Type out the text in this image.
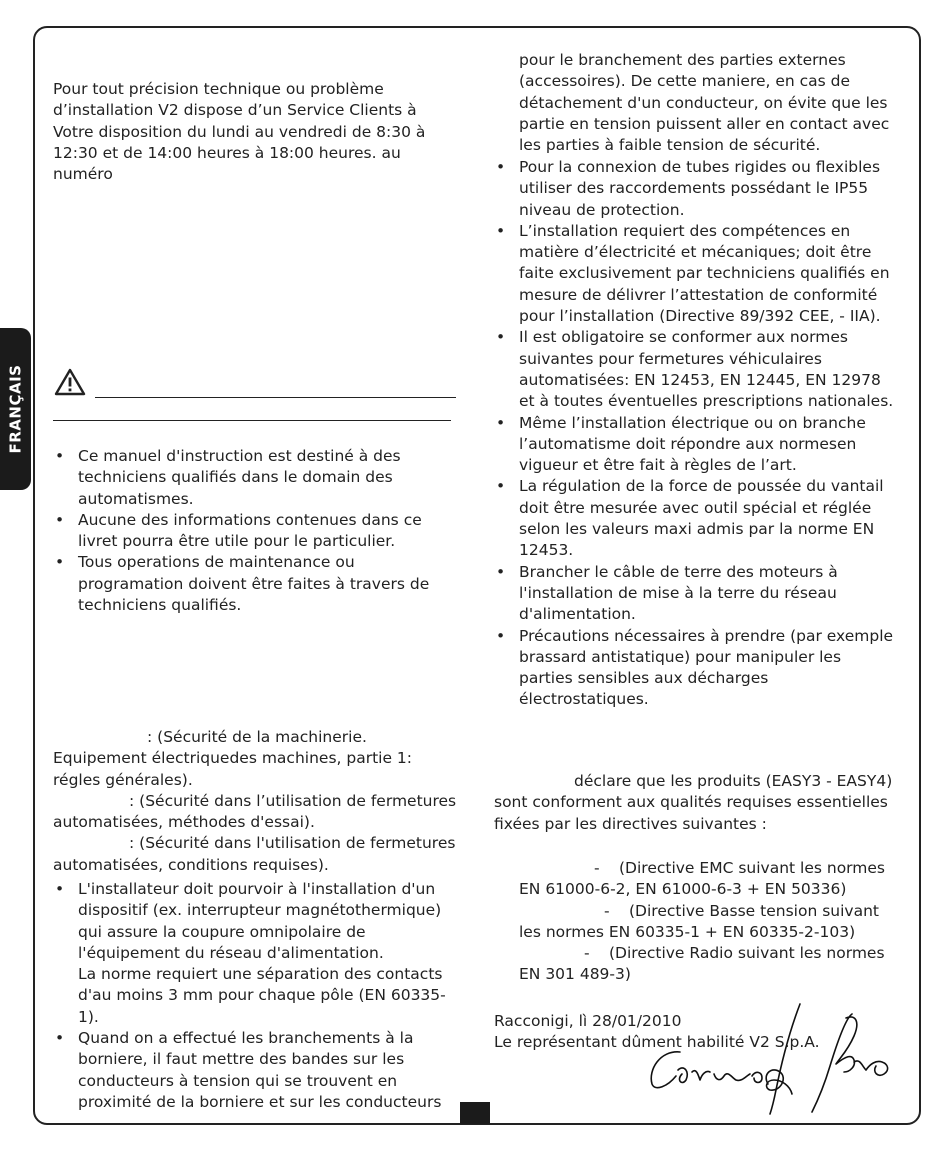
FRANÇAIS

Pour tout précision technique ou problème d’installation V2 dispose d’un Service Clients à Votre disposition du lundi au vendredi de 8:30 à 12:30 et de 14:00 heures à 18:00 heures. au numéro

• Ce manuel d'instruction est destiné à des techniciens qualifiés dans le domain des automatismes.
• Aucune des informations contenues dans ce livret pourra être utile pour le particulier.
• Tous operations de maintenance ou programation doivent être faites à travers de techniciens qualifiés.

: (Sécurité de la machinerie. Equipement électriquedes machines, partie 1: régles générales).

: (Sécurité dans l’utilisation de fermetures automatisées, méthodes d'essai).

: (Sécurité dans l'utilisation de fermetures automatisées, conditions requises).

• L'installateur doit pourvoir à l'installation d'un dispositif (ex. interrupteur magnétothermique) qui assure la coupure omnipolaire de l'équipement du réseau d'alimentation.
La norme requiert une séparation des contacts d'au moins 3 mm pour chaque pôle (EN 60335-1).
• Quand on a effectué les branchements à la borniere, il faut mettre des bandes sur les conducteurs à tension qui se trouvent en proximité de la borniere et sur les conducteurs

pour le branchement des parties externes (accessoires). De cette maniere, en cas de détachement d'un conducteur, on évite que les partie en tension puissent aller en contact avec les parties à faible tension de sécurité.

• Pour la connexion de tubes rigides ou flexibles utiliser des raccordements possédant le IP55 niveau de protection.
• L’installation requiert des compétences en matière d’électricité et mécaniques; doit être faite exclusivement par techniciens qualifiés en mesure de délivrer l’attestation de conformité pour l’installation (Directive 89/392 CEE, - IIA).
• Il est obligatoire se conformer aux normes suivantes pour fermetures véhiculaires automatisées: EN 12453, EN 12445, EN 12978 et à toutes éventuelles prescriptions nationales.
• Même l’installation électrique ou on branche l’automatisme doit répondre aux normesen vigueur et être fait à règles de l’art.
• La régulation de la force de poussée du vantail doit être mesurée avec outil spécial et réglée selon les valeurs maxi admis par la norme EN 12453.
• Brancher le câble de terre des moteurs à l'installation de mise à la terre du réseau d'alimentation.
• Précautions nécessaires à prendre (par exemple brassard antistatique) pour manipuler les parties sensibles aux décharges électrostatiques.

déclare que les produits (EASY3 - EASY4) sont conforment aux qualités requises essentielles fixées par les directives suivantes :

- (Directive EMC suivant les normes EN 61000-6-2, EN 61000-6-3 + EN 50336)
- (Directive Basse tension suivant les normes EN 60335-1 + EN 60335-2-103)
- (Directive Radio suivant les normes EN 301 489-3)

Racconigi, lì 28/01/2010

Le représentant dûment habilité V2 S.p.A.
